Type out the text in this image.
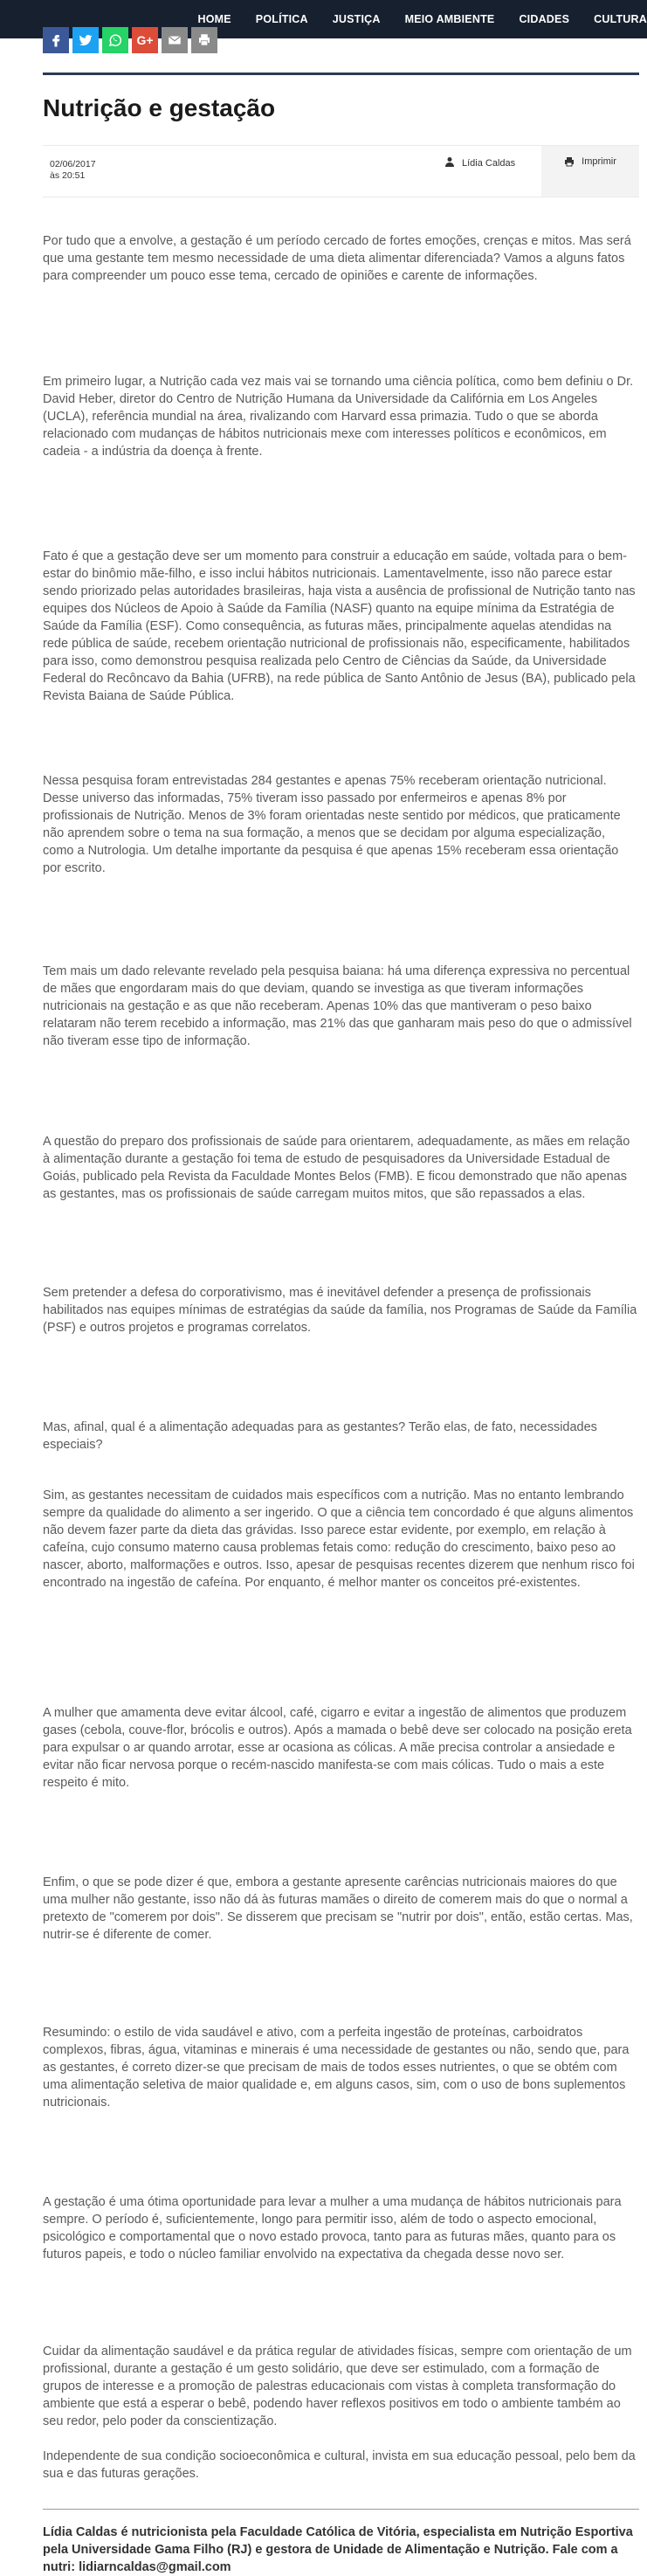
HOME POLÍTICA JUSTIÇA MEIO AMBIENTE CIDADES CULTURA
G+
Nutrição e gestação
02/06/2017
às 20:51
Lídia Caldas	Imprimir

Por tudo que a envolve, a gestação é um período cercado de fortes emoções, crenças e mitos. Mas será que uma gestante tem mesmo necessidade de uma dieta alimentar diferenciada? Vamos a alguns fatos para compreender um pouco esse tema, cercado de opiniões e carente de informações.

Em primeiro lugar, a Nutrição cada vez mais vai se tornando uma ciência política, como bem definiu o Dr. David Heber, diretor do Centro de Nutrição Humana da Universidade da Califórnia em Los Angeles (UCLA), referência mundial na área, rivalizando com Harvard essa primazia. Tudo o que se aborda relacionado com mudanças de hábitos nutricionais mexe com interesses políticos e econômicos, em cadeia - a indústria da doença à frente.

Fato é que a gestação deve ser um momento para construir a educação em saúde, voltada para o bem-estar do binômio mãe-filho, e isso inclui hábitos nutricionais. Lamentavelmente, isso não parece estar sendo priorizado pelas autoridades brasileiras, haja vista a ausência de profissional de Nutrição tanto nas equipes dos Núcleos de Apoio à Saúde da Família (NASF) quanto na equipe mínima da Estratégia de Saúde da Família (ESF). Como consequência, as futuras mães, principalmente aquelas atendidas na rede pública de saúde, recebem orientação nutricional de profissionais não, especificamente, habilitados para isso, como demonstrou pesquisa realizada pelo Centro de Ciências da Saúde, da Universidade Federal do Recôncavo da Bahia (UFRB), na rede pública de Santo Antônio de Jesus (BA), publicado pela Revista Baiana de Saúde Pública.

Nessa pesquisa foram entrevistadas 284 gestantes e apenas 75% receberam orientação nutricional. Desse universo das informadas, 75% tiveram isso passado por enfermeiros e apenas 8% por profissionais de Nutrição. Menos de 3% foram orientadas neste sentido por médicos, que praticamente não aprendem sobre o tema na sua formação, a menos que se decidam por alguma especialização, como a Nutrologia. Um detalhe importante da pesquisa é que apenas 15% receberam essa orientação por escrito.

Tem mais um dado relevante revelado pela pesquisa baiana: há uma diferença expressiva no percentual de mães que engordaram mais do que deviam, quando se investiga as que tiveram informações nutricionais na gestação e as que não receberam. Apenas 10% das que mantiveram o peso baixo relataram não terem recebido a informação, mas 21% das que ganharam mais peso do que o admissível não tiveram esse tipo de informação.

A questão do preparo dos profissionais de saúde para orientarem, adequadamente, as mães em relação à alimentação durante a gestação foi tema de estudo de pesquisadores da Universidade Estadual de Goiás, publicado pela Revista da Faculdade Montes Belos (FMB). E ficou demonstrado que não apenas as gestantes, mas os profissionais de saúde carregam muitos mitos, que são repassados a elas.

Sem pretender a defesa do corporativismo, mas é inevitável defender a presença de profissionais habilitados nas equipes mínimas de estratégias da saúde da família, nos Programas de Saúde da Família (PSF) e outros projetos e programas correlatos.

Mas, afinal, qual é a alimentação adequadas para as gestantes? Terão elas, de fato, necessidades especiais?

Sim, as gestantes necessitam de cuidados mais específicos com a nutrição. Mas no entanto lembrando sempre da qualidade do alimento a ser ingerido. O que a ciência tem concordado é que alguns alimentos não devem fazer parte da dieta das grávidas. Isso parece estar evidente, por exemplo, em relação à cafeína, cujo consumo materno causa problemas fetais como: redução do crescimento, baixo peso ao nascer, aborto, malformações e outros. Isso, apesar de pesquisas recentes dizerem que nenhum risco foi encontrado na ingestão de cafeína. Por enquanto, é melhor manter os conceitos pré-existentes.

A mulher que amamenta deve evitar álcool, café, cigarro e evitar a ingestão de alimentos que produzem gases (cebola, couve-flor, brócolis e outros). Após a mamada o bebê deve ser colocado na posição ereta para expulsar o ar quando arrotar, esse ar ocasiona as cólicas. A mãe precisa controlar a ansiedade e evitar não ficar nervosa porque o recém-nascido manifesta-se com mais cólicas. Tudo o mais a este respeito é mito.

Enfim, o que se pode dizer é que, embora a gestante apresente carências nutricionais maiores do que uma mulher não gestante, isso não dá às futuras mamães o direito de comerem mais do que o normal a pretexto de "comerem por dois". Se disserem que precisam se "nutrir por dois", então, estão certas. Mas, nutrir-se é diferente de comer.

Resumindo: o estilo de vida saudável e ativo, com a perfeita ingestão de proteínas, carboidratos complexos, fibras, água, vitaminas e minerais é uma necessidade de gestantes ou não, sendo que, para as gestantes, é correto dizer-se que precisam de mais de todos esses nutrientes, o que se obtém com uma alimentação seletiva de maior qualidade e, em alguns casos, sim, com o uso de bons suplementos nutricionais.

A gestação é uma ótima oportunidade para levar a mulher a uma mudança de hábitos nutricionais para sempre. O período é, suficientemente, longo para permitir isso, além de todo o aspecto emocional, psicológico e comportamental que o novo estado provoca, tanto para as futuras mães, quanto para os futuros papeis, e todo o núcleo familiar envolvido na expectativa da chegada desse novo ser.

Cuidar da alimentação saudável e da prática regular de atividades físicas, sempre com orientação de um profissional, durante a gestação é um gesto solidário, que deve ser estimulado, com a formação de grupos de interesse e a promoção de palestras educacionais com vistas à completa transformação do ambiente que está a esperar o bebê, podendo haver reflexos positivos em todo o ambiente também ao seu redor, pelo poder da conscientização.

Independente de sua condição socioeconômica e cultural, invista em sua educação pessoal, pelo bem da sua e das futuras gerações.

Lídia Caldas é nutricionista pela Faculdade Católica de Vitória, especialista em Nutrição Esportiva pela Universidade Gama Filho (RJ) e gestora de Unidade de Alimentação e Nutrição. Fale com a nutri: lidiarncaldas@gmail.com
